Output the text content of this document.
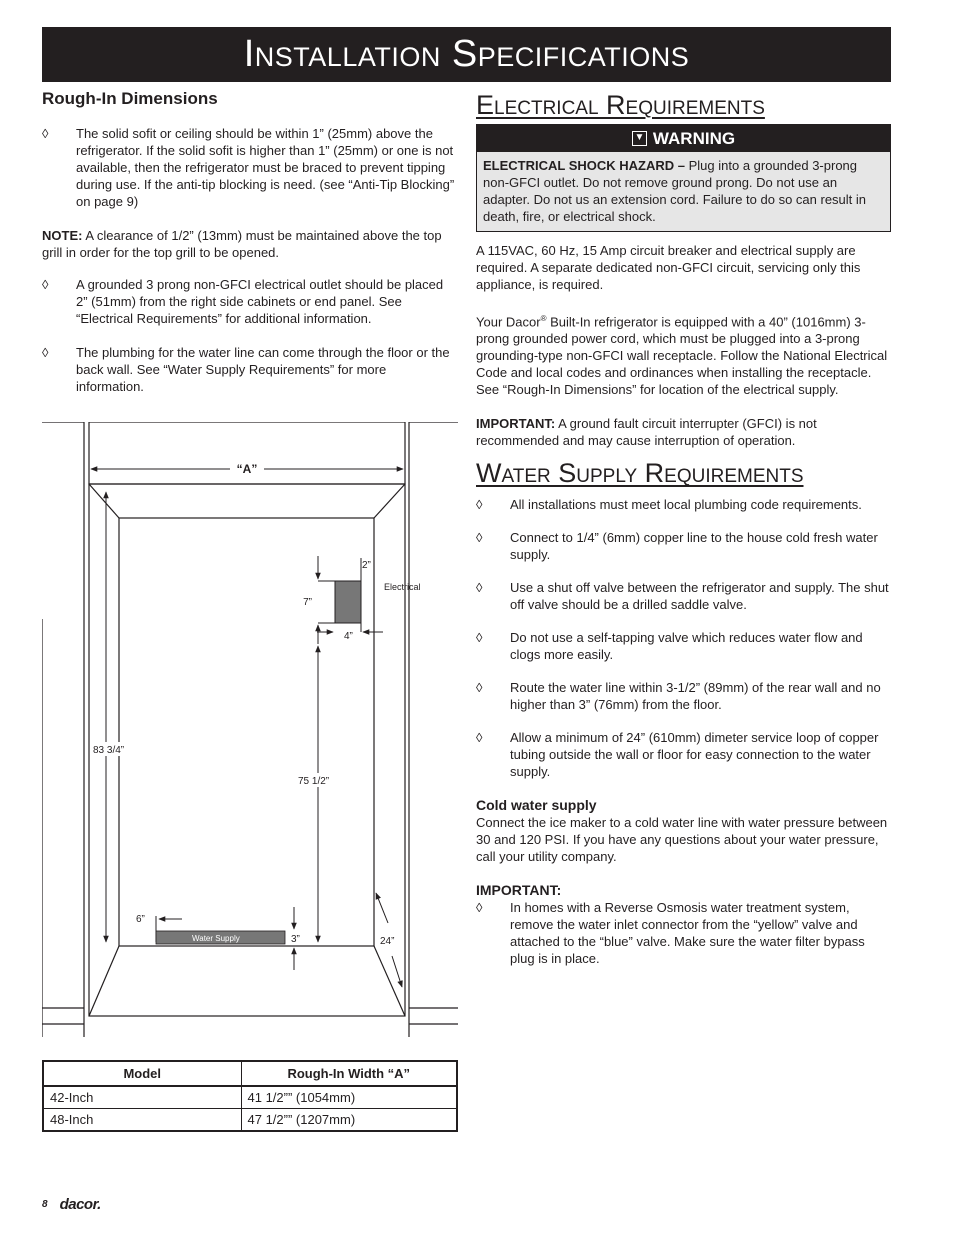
Installation Specifications
Rough-In Dimensions
◊ The solid sofit or ceiling should be within 1” (25mm) above the refrigerator. If the solid sofit is higher than 1” (25mm) or one is not available, then the refrigerator must be braced to prevent tipping during use. If the anti-tip blocking is need. (see “Anti-Tip Blocking” on page 9)

NOTE: A clearance of 1/2” (13mm) must be maintained above the top grill in order for the top grill to be opened.

◊ A grounded 3 prong non-GFCI electrical outlet should be placed 2” (51mm) from the right side cabinets or end panel. See “Electrical Requirements” for additional information.

◊ The plumbing for the water line can come through the floor or the back wall. See “Water Supply Requirements” for more information.

“A”
2”
Electrical
7”
4”
83 3/4”
75 1/2”
6”
Water Supply	3”	24”
Model	Rough-In Width “A”
42-Inch	41 1/2”” (1054mm)
48-Inch	47 1/2”” (1207mm)
Electrical Requirements
▼ WARNING
ELECTRICAL SHOCK HAZARD – Plug into a grounded 3-prong non-GFCI outlet. Do not remove ground prong. Do not use an adapter. Do not us an extension cord. Failure to do so can result in death, fire, or electrical shock.

A 115VAC, 60 Hz, 15 Amp circuit breaker and electrical supply are required. A separate dedicated non-GFCI circuit, servicing only this appliance, is required.

Your Dacor® Built-In refrigerator is equipped with a 40” (1016mm) 3-prong grounded power cord, which must be plugged into a 3-prong grounding-type non-GFCI wall receptacle. Follow the National Electrical Code and local codes and ordinances when installing the receptacle. See “Rough-In Dimensions” for location of the electrical supply.

IMPORTANT: A ground fault circuit interrupter (GFCI) is not recommended and may cause interruption of operation.

Water Supply Requirements
◊ All installations must meet local plumbing code requirements.

◊ Connect to 1/4” (6mm) copper line to the house cold fresh water supply.

◊ Use a shut off valve between the refrigerator and supply. The shut off valve should be a drilled saddle valve.

◊ Do not use a self-tapping valve which reduces water flow and clogs more easily.

◊ Route the water line within 3-1/2” (89mm) of the rear wall and no higher than 3” (76mm) from the floor.

◊ Allow a minimum of 24” (610mm) dimeter service loop of copper tubing outside the wall or floor for easy connection to the water supply.

Cold water supply

Connect the ice maker to a cold water line with water pressure between 30 and 120 PSI. If you have any questions about your water pressure, call your utility company.

IMPORTANT:

◊ In homes with a Reverse Osmosis water treatment system, remove the water inlet connector from the “yellow” valve and attached to the “blue” valve. Make sure the water filter bypass plug is in place.

8 dacor.
